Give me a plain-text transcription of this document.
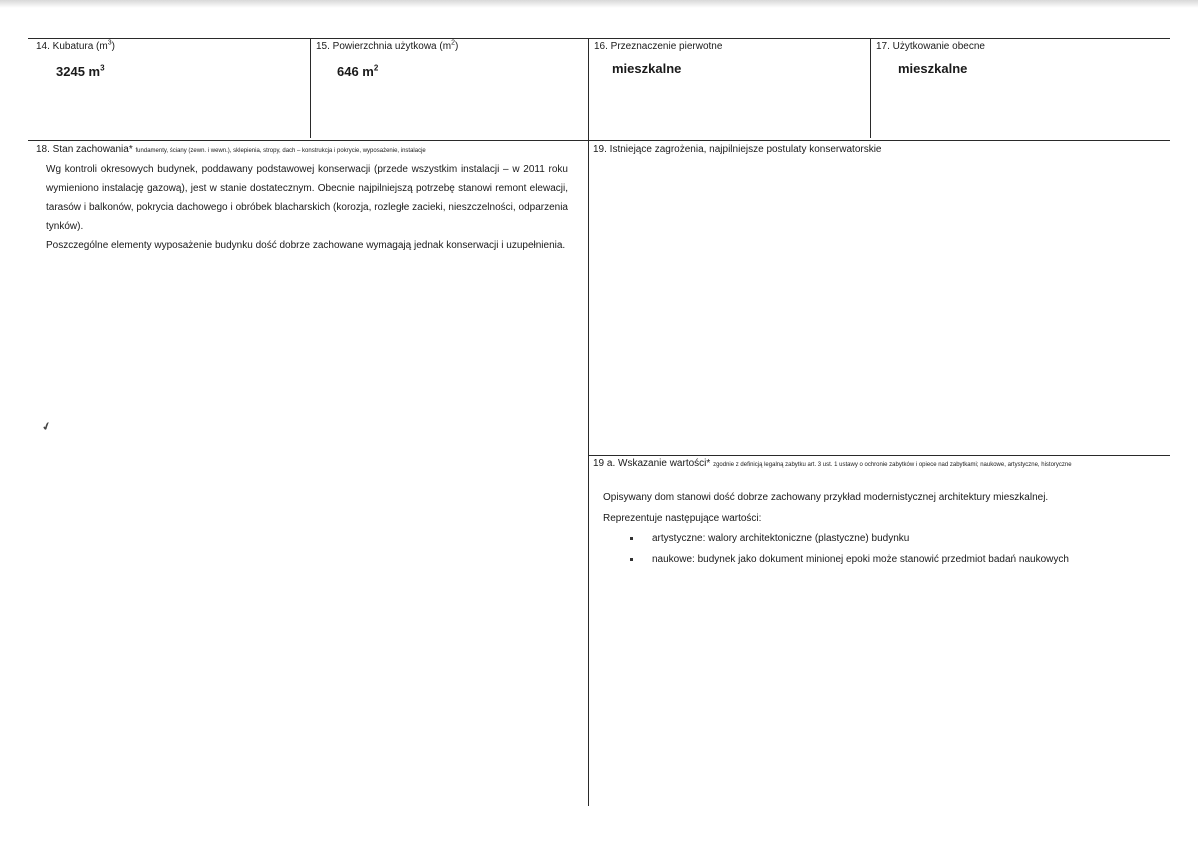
14. Kubatura $(m^3)$
3245 $m^3$
15. Powierzchnia użytkowa $(m^2)$
646 $m^2$
16. Przeznaczenie pierwotne
mieszkalne
17. Użytkowanie obecne
mieszkalne
18. Stan zachowania* fundamenty, ściany (zewn. i wewn.), sklepienia, stropy, dach – konstrukcja i pokrycie, wyposażenie, instalacje

Wg kontroli okresowych budynek, poddawany podstawowej konserwacji (przede wszystkim instalacji – w 2011 roku wymieniono instalację gazową), jest w stanie dostatecznym. Obecnie najpilniejszą potrzebę stanowi remont elewacji, tarasów i balkonów, pokrycia dachowego i obróbek blacharskich (korozja, rozległe zacieki, nieszczelności, odparzenia tynków).

Poszczególne elementy wyposażenie budynku dość dobrze zachowane wymagają jednak konserwacji i uzupełnienia.

✔
19. Istniejące zagrożenia, najpilniejsze postulaty konserwatorskie
19 a. Wskazanie wartości* zgodnie z definicją legalną zabytku art. 3 ust. 1 ustawy o ochronie zabytków i opiece nad zabytkami; naukowe, artystyczne, historyczne

Opisywany dom stanowi dość dobrze zachowany przykład modernistycznej architektury mieszkalnej.

Reprezentuje następujące wartości:

artystyczne: walory architektoniczne (plastyczne) budynku
naukowe: budynek jako dokument minionej epoki może stanowić przedmiot badań naukowych
